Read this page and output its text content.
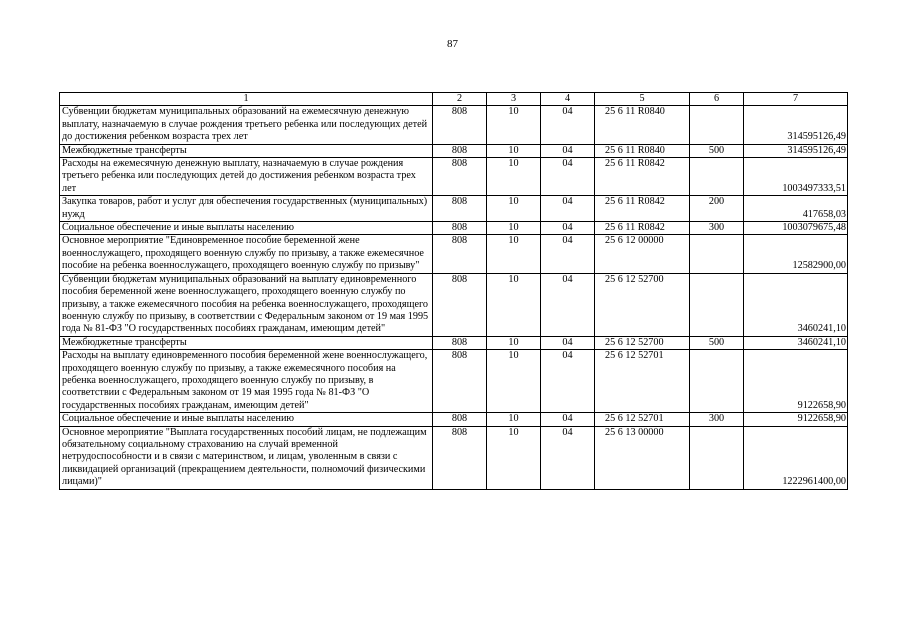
87
1	2	3	4	5	6	7
Субвенции бюджетам муниципальных образований на ежемесячную денежную выплату, назначаемую в случае рождения третьего ребенка или последующих детей до достижения ребенком возраста трех лет	808	10	04	25 6 11 R0840		314595126,49
Межбюджетные трансферты	808	10	04	25 6 11 R0840	500	314595126,49
Расходы на ежемесячную денежную выплату, назначаемую в случае рождения третьего ребенка или последующих детей до достижения ребенком возраста трех лет	808	10	04	25 6 11 R0842		1003497333,51
Закупка товаров, работ и услуг для обеспечения государственных (муниципальных) нужд	808	10	04	25 6 11 R0842	200	417658,03
Социальное обеспечение и иные выплаты населению	808	10	04	25 6 11 R0842	300	1003079675,48
Основное мероприятие "Единовременное пособие беременной жене военнослужащего, проходящего военную службу по призыву, а также ежемесячное пособие на ребенка военнослужащего, проходящего военную службу по призыву"	808	10	04	25 6 12 00000		12582900,00
Субвенции бюджетам муниципальных образований на выплату единовременного пособия беременной жене военнослужащего, проходящего военную службу по призыву, а также ежемесячного пособия на ребенка военнослужащего, проходящего военную службу по призыву, в соответствии с Федеральным законом от 19 мая 1995 года № 81-ФЗ "О государственных пособиях гражданам, имеющим детей"	808	10	04	25 6 12 52700		3460241,10
Межбюджетные трансферты	808	10	04	25 6 12 52700	500	3460241,10
Расходы на выплату единовременного пособия беременной жене военнослужащего, проходящего военную службу по призыву, а также ежемесячного пособия на ребенка военнослужащего, проходящего военную службу по призыву, в соответствии с Федеральным законом от 19 мая 1995 года № 81-ФЗ "О государственных пособиях гражданам, имеющим детей"	808	10	04	25 6 12 52701		9122658,90
Социальное обеспечение и иные выплаты населению	808	10	04	25 6 12 52701	300	9122658,90
Основное мероприятие "Выплата государственных пособий лицам, не подлежащим обязательному социальному страхованию на случай временной нетрудоспособности и в связи с материнством, и лицам, уволенным в связи с ликвидацией организаций (прекращением деятельности, полномочий физическими лицами)"	808	10	04	25 6 13 00000		1222961400,00
